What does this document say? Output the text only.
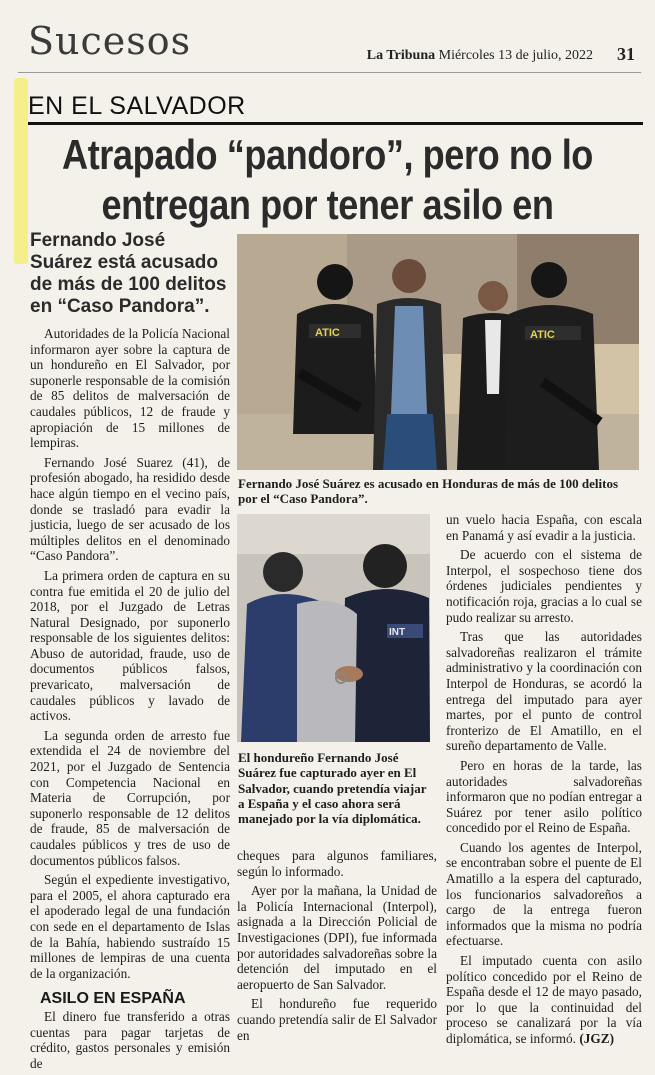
Sucesos	La Tribuna Miércoles 13 de julio, 2022 31
EN EL SALVADOR
Atrapado “pandoro”, pero no lo entregan por tener asilo en
Fernando José Suárez está acusado de más de 100 delitos en “Caso Pandora”.
ATIC	ATIC
Fernando José Suárez es acusado en Honduras de más de 100 delitos por el “Caso Pandora”.
INT
El hondureño Fernando José Suárez fue capturado ayer en El Salvador, cuando pretendía viajar a España y el caso ahora será manejado por la vía diplomática.

Autoridades de la Policía Nacional informaron ayer sobre la captura de un hondureño en El Salvador, por suponerle responsable de la comisión de 85 delitos de malversación de caudales públicos, 12 de fraude y apropiación de 15 millones de lempiras.

Fernando José Suarez (41), de profesión abogado, ha residido desde hace algún tiempo en el vecino país, donde se trasladó para evadir la justicia, luego de ser acusado de los múltiples delitos en el denominado “Caso Pandora”.

La primera orden de captura en su contra fue emitida el 20 de julio del 2018, por el Juzgado de Letras Natural Designado, por suponerlo responsable de los siguientes delitos: Abuso de autoridad, fraude, uso de documentos públicos falsos, prevaricato, malversación de caudales públicos y lavado de activos.

La segunda orden de arresto fue extendida el 24 de noviembre del 2021, por el Juzgado de Sentencia con Competencia Nacional en Materia de Corrupción, por suponerlo responsable de 12 delitos de fraude, 85 de malversación de caudales públicos y tres de uso de documentos públicos falsos.

Según el expediente investigativo, para el 2005, el ahora capturado era el apoderado legal de una fundación con sede en el departamento de Islas de la Bahía, habiendo sustraído 15 millones de lempiras de una cuenta de la organización.

ASILO EN ESPAÑA

El dinero fue transferido a otras cuentas para pagar tarjetas de crédito, gastos personales y emisión de

cheques para algunos familiares, según lo informado.

Ayer por la mañana, la Unidad de la Policía Internacional (Interpol), asignada a la Dirección Policial de Investigaciones (DPI), fue informada por autoridades salvadoreñas sobre la detención del imputado en el aeropuerto de San Salvador.

El hondureño fue requerido cuando pretendía salir de El Salvador en

un vuelo hacia España, con escala en Panamá y así evadir a la justicia.

De acuerdo con el sistema de Interpol, el sospechoso tiene dos órdenes judiciales pendientes y notificación roja, gracias a lo cual se pudo realizar su arresto.

Tras que las autoridades salvadoreñas realizaron el trámite administrativo y la coordinación con Interpol de Honduras, se acordó la entrega del imputado para ayer martes, por el punto de control fronterizo de El Amatillo, en el sureño departamento de Valle.

Pero en horas de la tarde, las autoridades salvadoreñas informaron que no podían entregar a Suárez por tener asilo político concedido por el Reino de España.

Cuando los agentes de Interpol, se encontraban sobre el puente de El Amatillo a la espera del capturado, los funcionarios salvadoreños a cargo de la entrega fueron informados que la misma no podría efectuarse.

El imputado cuenta con asilo político concedido por el Reino de España desde el 12 de mayo pasado, por lo que la continuidad del proceso se canalizará por la vía diplomática, se informó. (JGZ)
